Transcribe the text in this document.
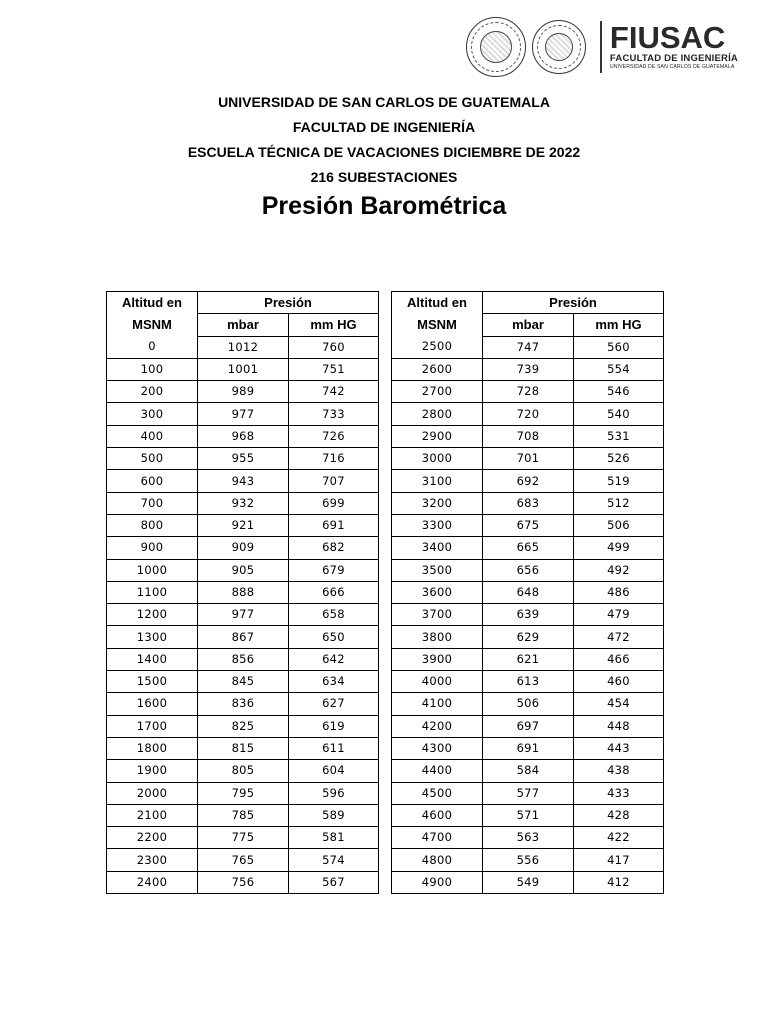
FIUSAC
FACULTAD DE INGENIERÍA
UNIVERSIDAD DE SAN CARLOS DE GUATEMALA
UNIVERSIDAD DE SAN CARLOS DE GUATEMALA
FACULTAD DE INGENIERÍA
ESCUELA TÉCNICA DE VACACIONES DICIEMBRE DE 2022
216 SUBESTACIONES
Presión Barométrica
Altitud en	Presión			Altitud en	Presión	
MSNM	mbar	mm HG		MSNM	mbar	mm HG
0	1012	760		2500	747	560
100	1001	751		2600	739	554
200	989	742		2700	728	546
300	977	733		2800	720	540
400	968	726		2900	708	531
500	955	716		3000	701	526
600	943	707		3100	692	519
700	932	699		3200	683	512
800	921	691		3300	675	506
900	909	682		3400	665	499
1000	905	679		3500	656	492
1100	888	666		3600	648	486
1200	977	658		3700	639	479
1300	867	650		3800	629	472
1400	856	642		3900	621	466
1500	845	634		4000	613	460
1600	836	627		4100	506	454
1700	825	619		4200	697	448
1800	815	611		4300	691	443
1900	805	604		4400	584	438
2000	795	596		4500	577	433
2100	785	589		4600	571	428
2200	775	581		4700	563	422
2300	765	574		4800	556	417
2400	756	567		4900	549	412
